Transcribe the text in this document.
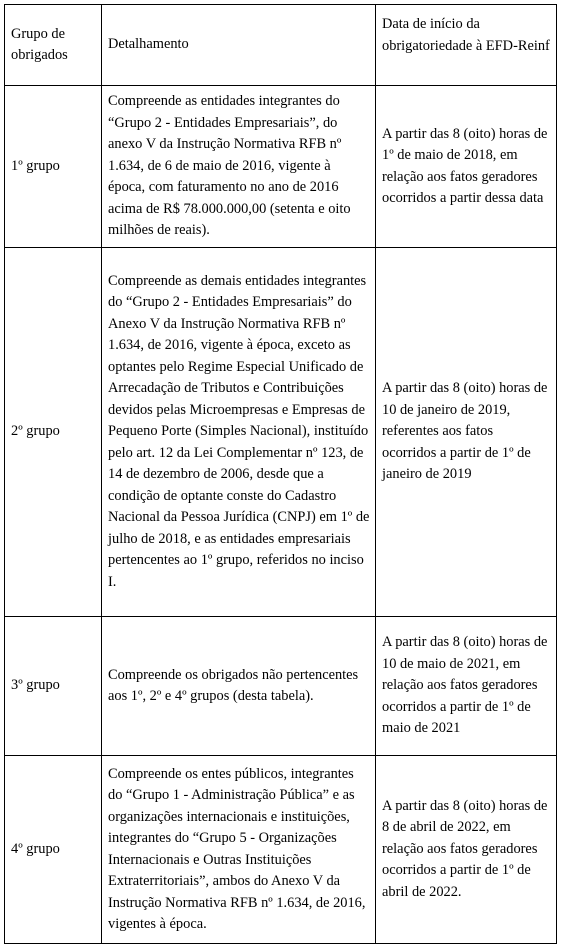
Grupo de obrigados	Detalhamento	Data de início da obrigatoriedade à EFD-Reinf
1º grupo	Compreende as entidades integrantes do “Grupo 2 - Entidades Empresariais”, do anexo V da Instrução Normativa RFB nº 1.634, de 6 de maio de 2016, vigente à época, com faturamento no ano de 2016 acima de R$ 78.000.000,00 (setenta e oito milhões de reais).	A partir das 8 (oito) horas de 1º de maio de 2018, em relação aos fatos geradores ocorridos a partir dessa data
2º grupo	Compreende as demais entidades integrantes do “Grupo 2 - Entidades Empresariais” do Anexo V da Instrução Normativa RFB nº 1.634, de 2016, vigente à época, exceto as optantes pelo Regime Especial Unificado de Arrecadação de Tributos e Contribuições devidos pelas Microempresas e Empresas de Pequeno Porte (Simples Nacional), instituído pelo art. 12 da Lei Complementar nº 123, de 14 de dezembro de 2006, desde que a condição de optante conste do Cadastro Nacional da Pessoa Jurídica (CNPJ) em 1º de julho de 2018, e as entidades empresariais pertencentes ao 1º grupo, referidos no inciso I.	A partir das 8 (oito) horas de 10 de janeiro de 2019, referentes aos fatos ocorridos a partir de 1º de janeiro de 2019
3º grupo	Compreende os obrigados não pertencentes aos 1º, 2º e 4º grupos (desta tabela).	A partir das 8 (oito) horas de 10 de maio de 2021, em relação aos fatos geradores ocorridos a partir de 1º de maio de 2021
4º grupo	Compreende os entes públicos, integrantes do “Grupo 1 - Administração Pública” e as organizações internacionais e instituições, integrantes do “Grupo 5 - Organizações Internacionais e Outras Instituições Extraterritoriais”, ambos do Anexo V da Instrução Normativa RFB nº 1.634, de 2016, vigentes à época.	A partir das 8 (oito) horas de 8 de abril de 2022, em relação aos fatos geradores ocorridos a partir de 1º de abril de 2022.
